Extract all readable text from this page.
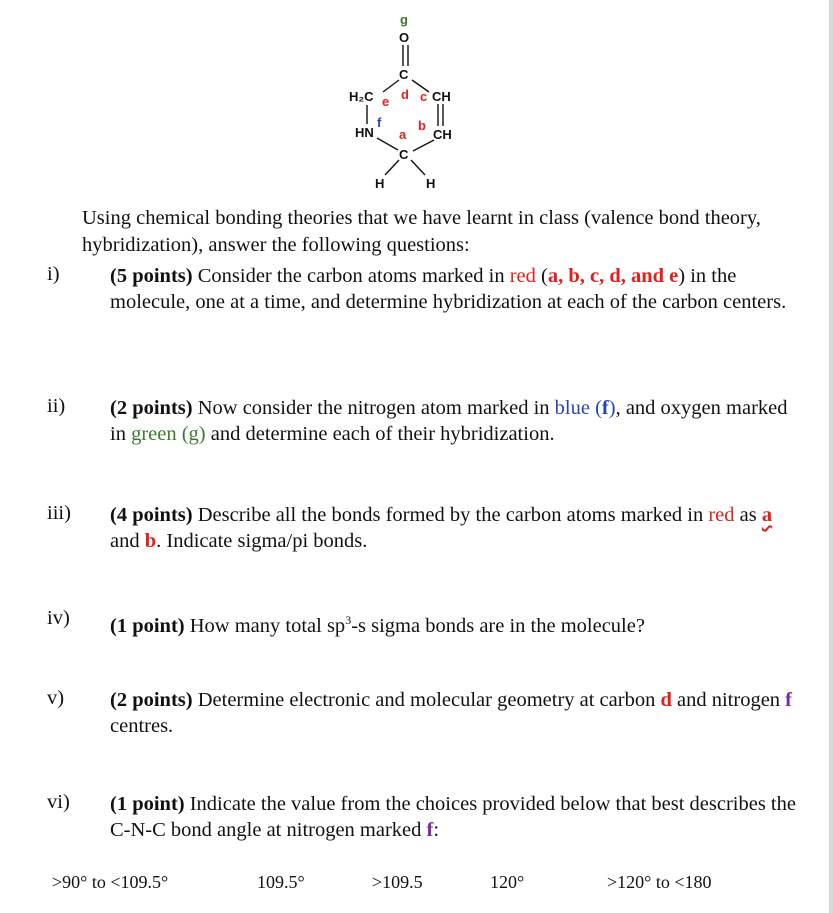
g
O
C
H₂C e d c CH
HN
f
a
b
CH
C
H	H
Using chemical bonding theories that we have learnt in class (valence bond theory, hybridization), answer the following questions:
i) (5 points) Consider the carbon atoms marked in red (a, b, c, d, and e) in the molecule, one at a time, and determine hybridization at each of the carbon centers.
ii) (2 points) Now consider the nitrogen atom marked in blue (f), and oxygen marked in green (g) and determine each of their hybridization.
iii) (4 points) Describe all the bonds formed by the carbon atoms marked in red as a and b. Indicate sigma/pi bonds.
iv) (1 point) How many total $sp^3-s$ sigma bonds are in the molecule?
v) (2 points) Determine electronic and molecular geometry at carbon d and nitrogen f centres.
vi) (1 point) Indicate the value from the choices provided below that best describes the C-N-C bond angle at nitrogen marked f:
>90° to <109.5°	109.5°	>109.5	120°	>120° to <180
